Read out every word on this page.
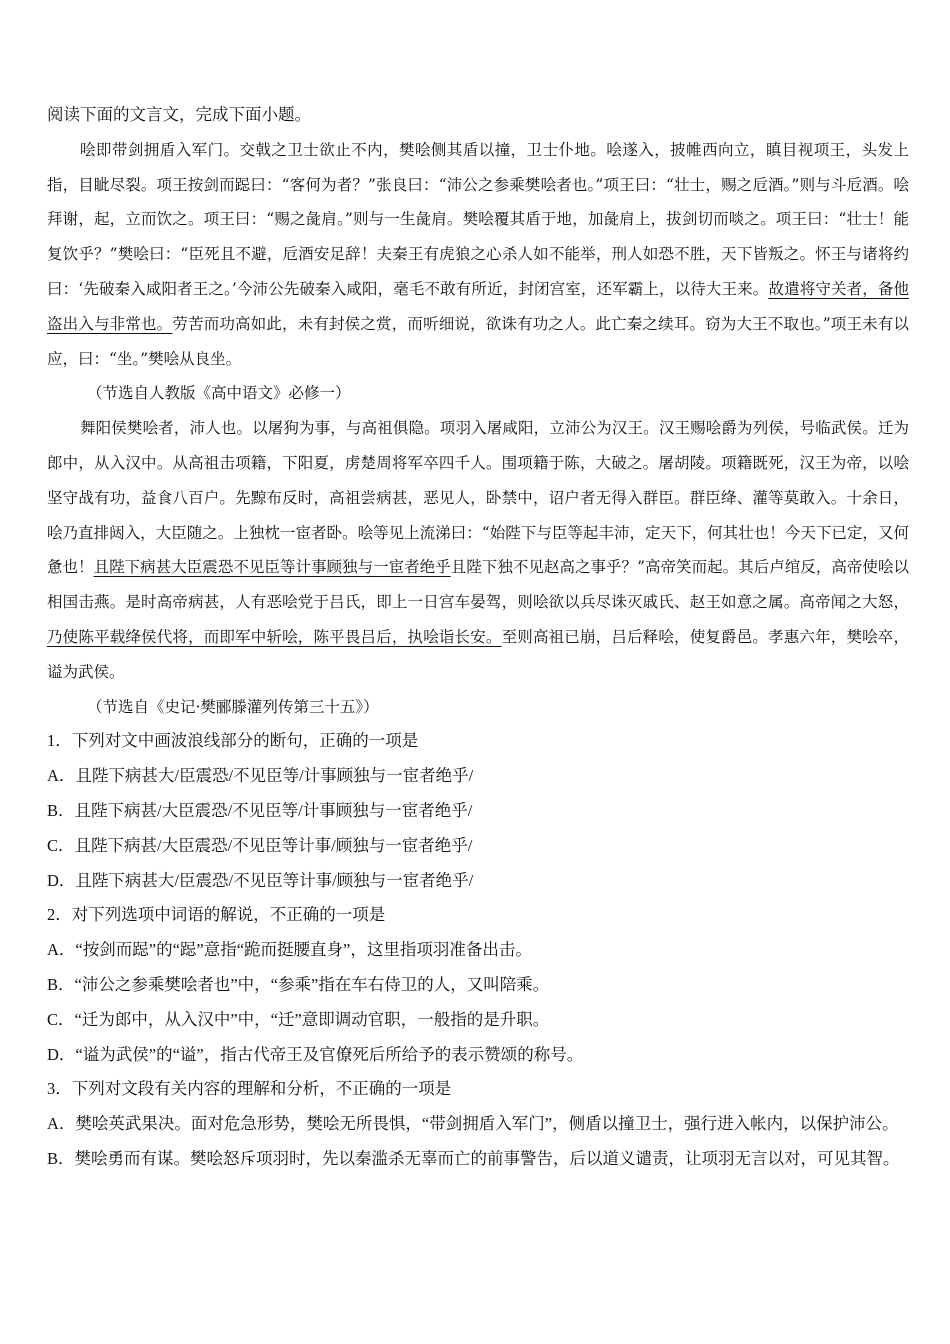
阅读下面的文言文，完成下面小题。

哙即带剑拥盾入军门。交戟之卫士欲止不内，樊哙侧其盾以撞，卫士仆地。哙遂入，披帷西向立，瞋目视项王，头发上指，目眦尽裂。项王按剑而跽曰：“客何为者？”张良曰：“沛公之参乘樊哙者也。”项王曰：“壮士，赐之卮酒。”则与斗卮酒。哙拜谢，起，立而饮之。项王曰：“赐之彘肩。”则与一生彘肩。樊哙覆其盾于地，加彘肩上，拔剑切而啖之。项王曰：“壮士！能复饮乎？”樊哙曰：“臣死且不避，卮酒安足辞！夫秦王有虎狼之心杀人如不能举，刑人如恐不胜，天下皆叛之。怀王与诸将约曰：‘先破秦入咸阳者王之。’今沛公先破秦入咸阳，毫毛不敢有所近，封闭宫室，还军霸上，以待大王来。故遣将守关者，备他盗出入与非常也。劳苦而功高如此，未有封侯之赏，而听细说，欲诛有功之人。此亡秦之续耳。窃为大王不取也。”项王未有以应，曰：“坐。”樊哙从良坐。

（节选自人教版《高中语文》必修一）

舞阳侯樊哙者，沛人也。以屠狗为事，与高祖俱隐。项羽入屠咸阳，立沛公为汉王。汉王赐哙爵为列侯，号临武侯。迁为郎中，从入汉中。从高祖击项籍，下阳夏，虏楚周将军卒四千人。围项籍于陈，大破之。屠胡陵。项籍既死，汉王为帝，以哙坚守战有功，益食八百户。先黥布反时，高祖尝病甚，恶见人，卧禁中，诏户者无得入群臣。群臣绛、灌等莫敢入。十余日，哙乃直排闼入，大臣随之。上独枕一宦者卧。哙等见上流涕曰：“始陛下与臣等起丰沛，定天下，何其壮也！今天下已定，又何惫也！且陛下病甚大臣震恐不见臣等计事顾独与一宦者绝乎且陛下独不见赵高之事乎？”高帝笑而起。其后卢绾反，高帝使哙以相国击燕。是时高帝病甚，人有恶哙党于吕氏，即上一日宫车晏驾，则哙欲以兵尽诛灭戚氏、赵王如意之属。高帝闻之大怒，乃使陈平载绛侯代将，而即军中斩哙，陈平畏吕后，执哙诣长安。至则高祖已崩，吕后释哙，使复爵邑。孝惠六年，樊哙卒，谥为武侯。

（节选自《史记·樊郦滕灌列传第三十五》）

1．下列对文中画波浪线部分的断句，正确的一项是

A．且陛下病甚大/臣震恐/不见臣等/计事顾独与一宦者绝乎/

B．且陛下病甚/大臣震恐/不见臣等/计事顾独与一宦者绝乎/

C．且陛下病甚/大臣震恐/不见臣等计事/顾独与一宦者绝乎/

D．且陛下病甚大/臣震恐/不见臣等计事/顾独与一宦者绝乎/

2．对下列选项中词语的解说，不正确的一项是

A．“按剑而跽”的“跽”意指“跪而挺腰直身”，这里指项羽准备出击。

B．“沛公之参乘樊哙者也”中，“参乘”指在车右侍卫的人，又叫陪乘。

C．“迁为郎中，从入汉中”中，“迁”意即调动官职，一般指的是升职。

D．“谥为武侯”的“谥”，指古代帝王及官僚死后所给予的表示赞颂的称号。

3．下列对文段有关内容的理解和分析，不正确的一项是

A．樊哙英武果决。面对危急形势，樊哙无所畏惧，“带剑拥盾入军门”，侧盾以撞卫士，强行进入帐内，以保护沛公。

B．樊哙勇而有谋。樊哙怒斥项羽时，先以秦滥杀无辜而亡的前事警告，后以道义谴责，让项羽无言以对，可见其智。
